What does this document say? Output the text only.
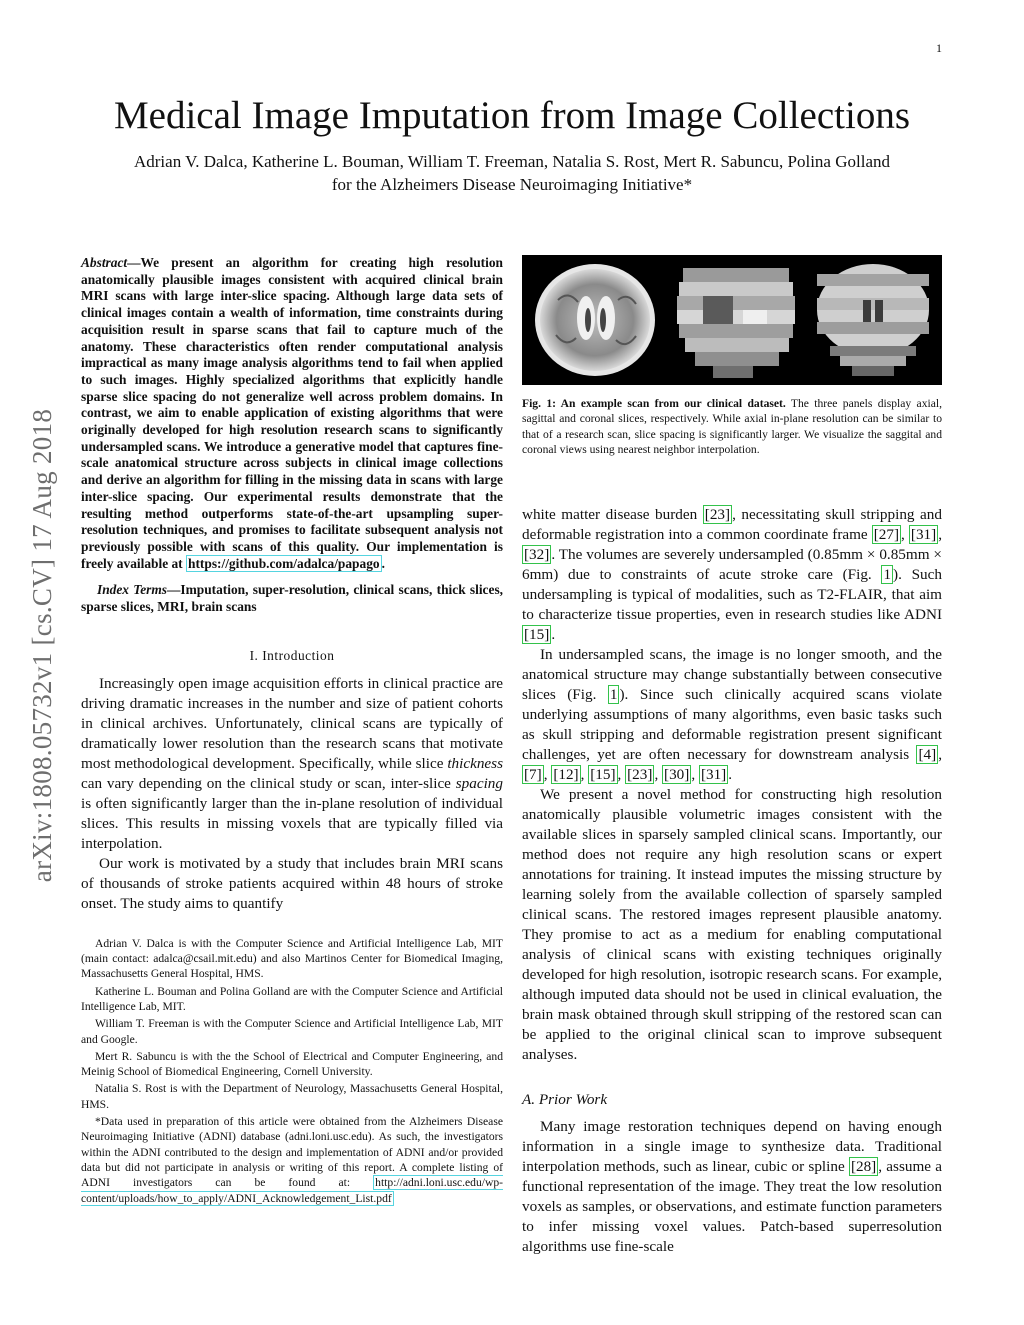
1
arXiv:1808.05732v1 [cs.CV] 17 Aug 2018
Medical Image Imputation from Image Collections
Adrian V. Dalca, Katherine L. Bouman, William T. Freeman, Natalia S. Rost, Mert R. Sabuncu, Polina Golland
for the Alzheimers Disease Neuroimaging Initiative*

Abstract—We present an algorithm for creating high resolution anatomically plausible images consistent with acquired clinical brain MRI scans with large inter-slice spacing. Although large data sets of clinical images contain a wealth of information, time constraints during acquisition result in sparse scans that fail to capture much of the anatomy. These characteristics often render computational analysis impractical as many image analysis algorithms tend to fail when applied to such images. Highly specialized algorithms that explicitly handle sparse slice spacing do not generalize well across problem domains. In contrast, we aim to enable application of existing algorithms that were originally developed for high resolution research scans to significantly undersampled scans. We introduce a generative model that captures fine-scale anatomical structure across subjects in clinical image collections and derive an algorithm for filling in the missing data in scans with large inter-slice spacing. Our experimental results demonstrate that the resulting method outperforms state-of-the-art upsampling super-resolution techniques, and promises to facilitate subsequent analysis not previously possible with scans of this quality. Our implementation is freely available at https://github.com/adalca/papago .

Index Terms—Imputation, super-resolution, clinical scans, thick slices, sparse slices, MRI, brain scans

I. Introduction

Increasingly open image acquisition efforts in clinical practice are driving dramatic increases in the number and size of patient cohorts in clinical archives. Unfortunately, clinical scans are typically of dramatically lower resolution than the research scans that motivate most methodological development. Specifically, while slice thickness can vary depending on the clinical study or scan, inter-slice spacing is often significantly larger than the in-plane resolution of individual slices. This results in missing voxels that are typically filled via interpolation.

Our work is motivated by a study that includes brain MRI scans of thousands of stroke patients acquired within 48 hours of stroke onset. The study aims to quantify

Adrian V. Dalca is with the Computer Science and Artificial Intelligence Lab, MIT (main contact: adalca@csail.mit.edu) and also Martinos Center for Biomedical Imaging, Massachusetts General Hospital, HMS.

Katherine L. Bouman and Polina Golland are with the Computer Science and Artificial Intelligence Lab, MIT.

William T. Freeman is with the Computer Science and Artificial Intelligence Lab, MIT and Google.

Mert R. Sabuncu is with the the School of Electrical and Computer Engineering, and Meinig School of Biomedical Engineering, Cornell University.

Natalia S. Rost is with the Department of Neurology, Massachusetts General Hospital, HMS.

*Data used in preparation of this article were obtained from the Alzheimers Disease Neuroimaging Initiative (ADNI) database (adni.loni.usc.edu). As such, the investigators within the ADNI contributed to the design and implementation of ADNI and/or provided data but did not participate in analysis or writing of this report. A complete listing of ADNI investigators can be found at: http://adni.loni.usc.edu/wp-content/uploads/how_to_apply/ADNI_Acknowledgement_List.pdf

Fig. 1: An example scan from our clinical dataset. The three panels display axial, sagittal and coronal slices, respectively. While axial in-plane resolution can be similar to that of a research scan, slice spacing is significantly larger. We visualize the saggital and coronal views using nearest neighbor interpolation.

white matter disease burden [23] , necessitating skull stripping and deformable registration into a common coordinate frame [27] , [31] , [32] . The volumes are severely undersampled (0.85mm × 0.85mm × 6mm) due to constraints of acute stroke care (Fig. 1 ). Such undersampling is typical of modalities, such as T2-FLAIR, that aim to characterize tissue properties, even in research studies like ADNI [15] .

In undersampled scans, the image is no longer smooth, and the anatomical structure may change substantially between consecutive slices (Fig. 1 ). Since such clinically acquired scans violate underlying assumptions of many algorithms, even basic tasks such as skull stripping and deformable registration present significant challenges, yet are often necessary for downstream analysis [4] , [7] , [12] , [15] , [23] , [30] , [31] .

We present a novel method for constructing high resolution anatomically plausible volumetric images consistent with the available slices in sparsely sampled clinical scans. Importantly, our method does not require any high resolution scans or expert annotations for training. It instead imputes the missing structure by learning solely from the available collection of sparsely sampled clinical scans. The restored images represent plausible anatomy. They promise to act as a medium for enabling computational analysis of clinical scans with existing techniques originally developed for high resolution, isotropic research scans. For example, although imputed data should not be used in clinical evaluation, the brain mask obtained through skull stripping of the restored scan can be applied to the original clinical scan to improve subsequent analyses.

A. Prior Work

Many image restoration techniques depend on having enough information in a single image to synthesize data. Traditional interpolation methods, such as linear, cubic or spline [28] , assume a functional representation of the image. They treat the low resolution voxels as samples, or observations, and estimate function parameters to infer missing voxel values. Patch-based superresolution algorithms use fine-scale
